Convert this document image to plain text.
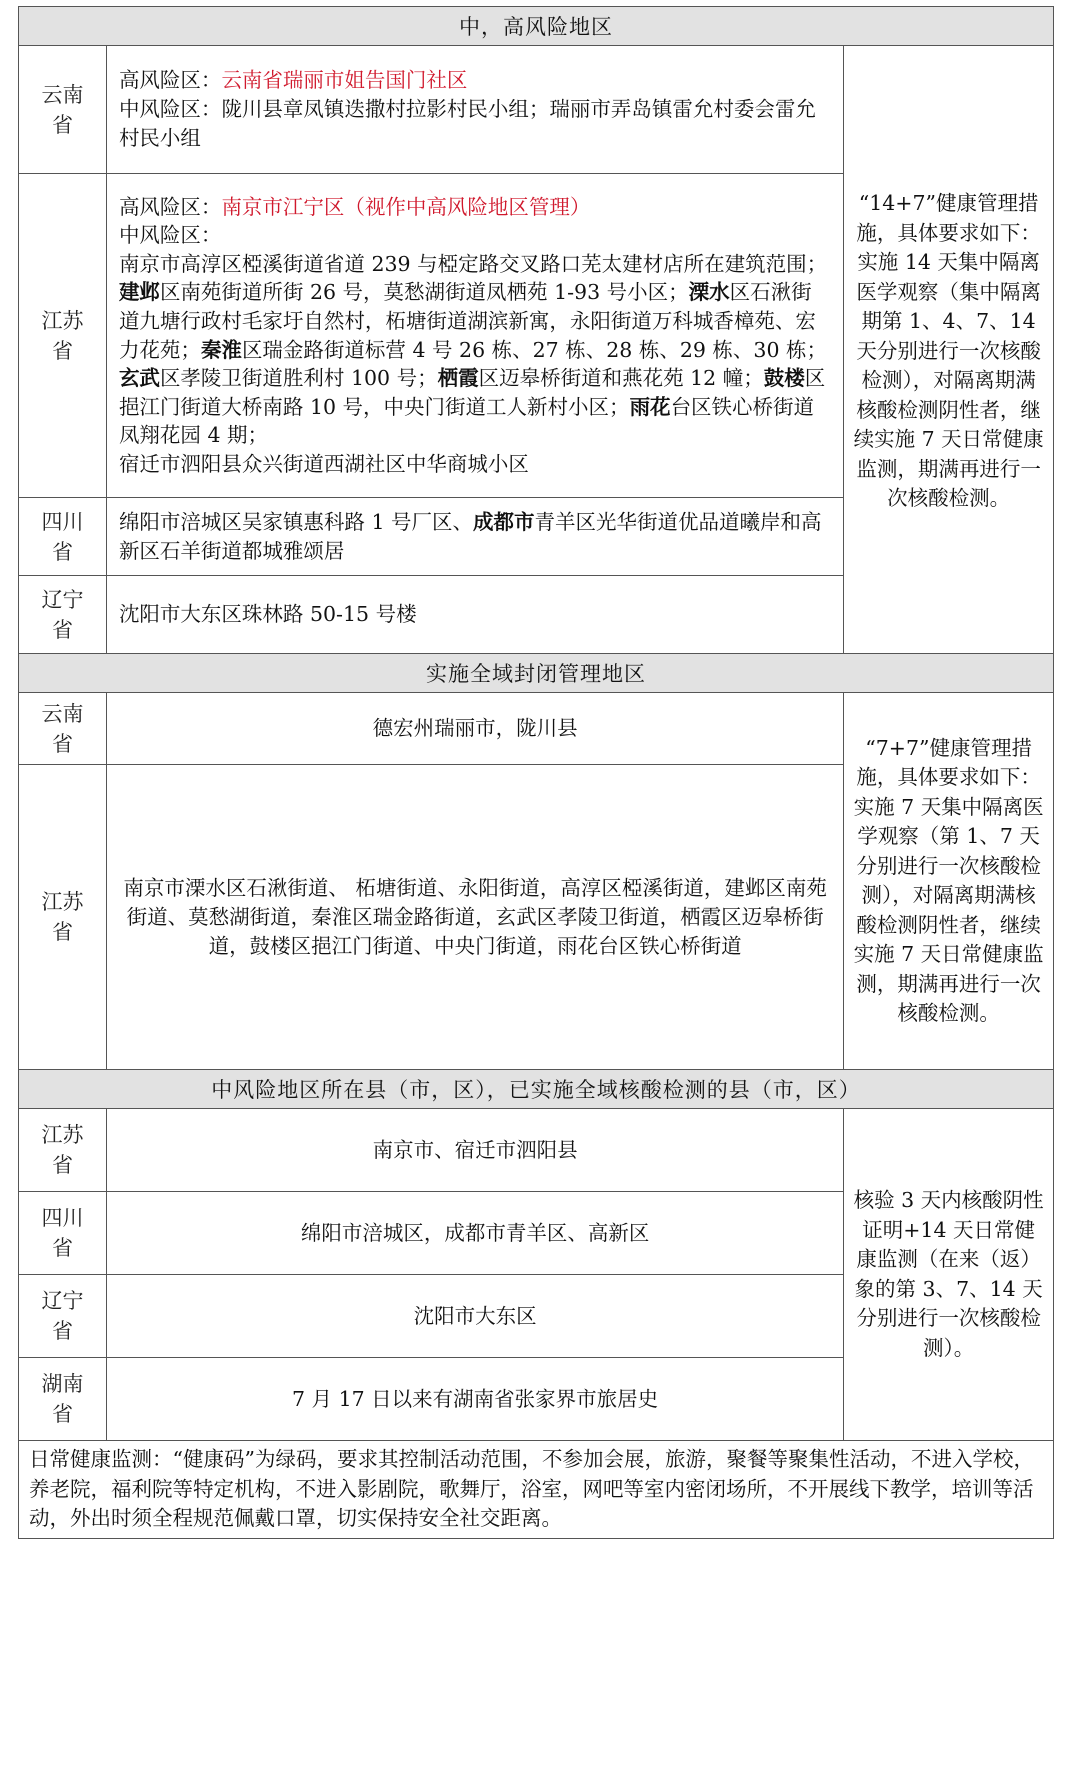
中，高风险地区		

云南省	高风险区：云南省瑞丽市姐告国门社区
中风险区：陇川县章凤镇迭撒村拉影村民小组；瑞丽市弄岛镇雷允村委会雷允村民小组	“14+7”健康管理措施，具体要求如下：实施 14 天集中隔离医学观察（集中隔离期第 1、4、7、14 天分别进行一次核酸检测），对隔离期满核酸检测阴性者，继续实施 7 天日常健康监测，期满再进行一次核酸检测。

江苏省	高风险区：南京市江宁区（视作中高风险地区管理）
中风险区：
南京市高淳区椏溪街道省道 239 与椏定路交叉路口芜太建材店所在建筑范围；建邺区南苑街道所街 26 号，莫愁湖街道凤栖苑 1-93 号小区；溧水区石湫街道九塘行政村毛家圩自然村，柘塘街道湖滨新寓，永阳街道万科城香樟苑、宏力花苑；秦淮区瑞金路街道标营 4 号 26 栋、27 栋、28 栋、29 栋、30 栋；玄武区孝陵卫街道胜利村 100 号；栖霞区迈皋桥街道和燕花苑 12 幢；鼓楼区挹江门街道大桥南路 10 号，中央门街道工人新村小区；雨花台区铁心桥街道凤翔花园 4 期；
宿迁市泗阳县众兴街道西湖社区中华商城小区	

四川省	绵阳市涪城区吴家镇惠科路 1 号厂区、成都市青羊区光华街道优品道曦岸和高新区石羊街道都城雅颂居	

辽宁省	沈阳市大东区珠林路 50-15 号楼	
实施全域封闭管理地区		

云南省	德宏州瑞丽市，陇川县	“7+7”健康管理措施，具体要求如下：实施 7 天集中隔离医学观察（第 1、7 天分别进行一次核酸检测），对隔离期满核酸检测阴性者，继续实施 7 天日常健康监测，期满再进行一次核酸检测。

江苏省	南京市溧水区石湫街道、 柘塘街道、永阳街道，高淳区椏溪街道，建邺区南苑街道、莫愁湖街道，秦淮区瑞金路街道，玄武区孝陵卫街道，栖霞区迈皋桥街道，鼓楼区挹江门街道、中央门街道，雨花台区铁心桥街道	
中风险地区所在县（市，区），已实施全域核酸检测的县（市，区）		

江苏省	南京市、宿迁市泗阳县	核验 3 天内核酸阴性证明+14 天日常健康监测（在来（返）象的第 3、7、14 天分别进行一次核酸检测）。

四川省	绵阳市涪城区，成都市青羊区、高新区	

辽宁省	沈阳市大东区	

湖南省	7 月 17 日以来有湖南省张家界市旅居史	
日常健康监测：“健康码”为绿码，要求其控制活动范围，不参加会展，旅游，聚餐等聚集性活动，不进入学校，养老院，福利院等特定机构，不进入影剧院，歌舞厅，浴室，网吧等室内密闭场所，不开展线下教学，培训等活动，外出时须全程规范佩戴口罩，切实保持安全社交距离。		
